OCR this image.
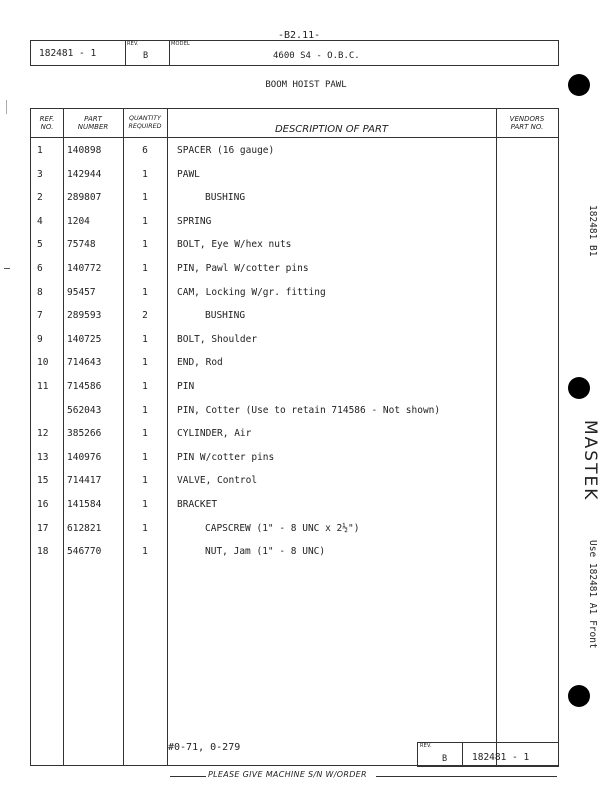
-B2.11-
182481 - 1
REV.
B
MODEL
4600 S4 - O.B.C.
BOOM HOIST PAWL
REF.
NO.
PART
NUMBER
QUANTITY
REQUIRED	DESCRIPTION OF PART
VENDORS
PART NO.
1	140898	6	SPACER (16 gauge)
3	142944	1	PAWL
2	289807	1	BUSHING
4	1204	1	SPRING
5	75748	1	BOLT, Eye W/hex nuts
6	140772	1	PIN, Pawl W/cotter pins
8	95457	1	CAM, Locking W/gr. fitting
7	289593	2	BUSHING
9	140725	1	BOLT, Shoulder
10 714643	1	END, Rod
11 714586	1	PIN
562043	1	PIN, Cotter (Use to retain 714586 - Not shown)
12 385266	1	CYLINDER, Air
13 140976	1	PIN W/cotter pins
15 714417	1	VALVE, Control
16 141584	1	BRACKET
17 612821	1	CAPSCREW (1" - 8 UNC x 2½")
18 546770	1	NUT, Jam (1" - 8 UNC)
#0-71, 0-279	REV.
B	182481 - 1
PLEASE GIVE MACHINE S/N W/ORDER
182481 B1
MASTEK
Use 182481 A1 Front
